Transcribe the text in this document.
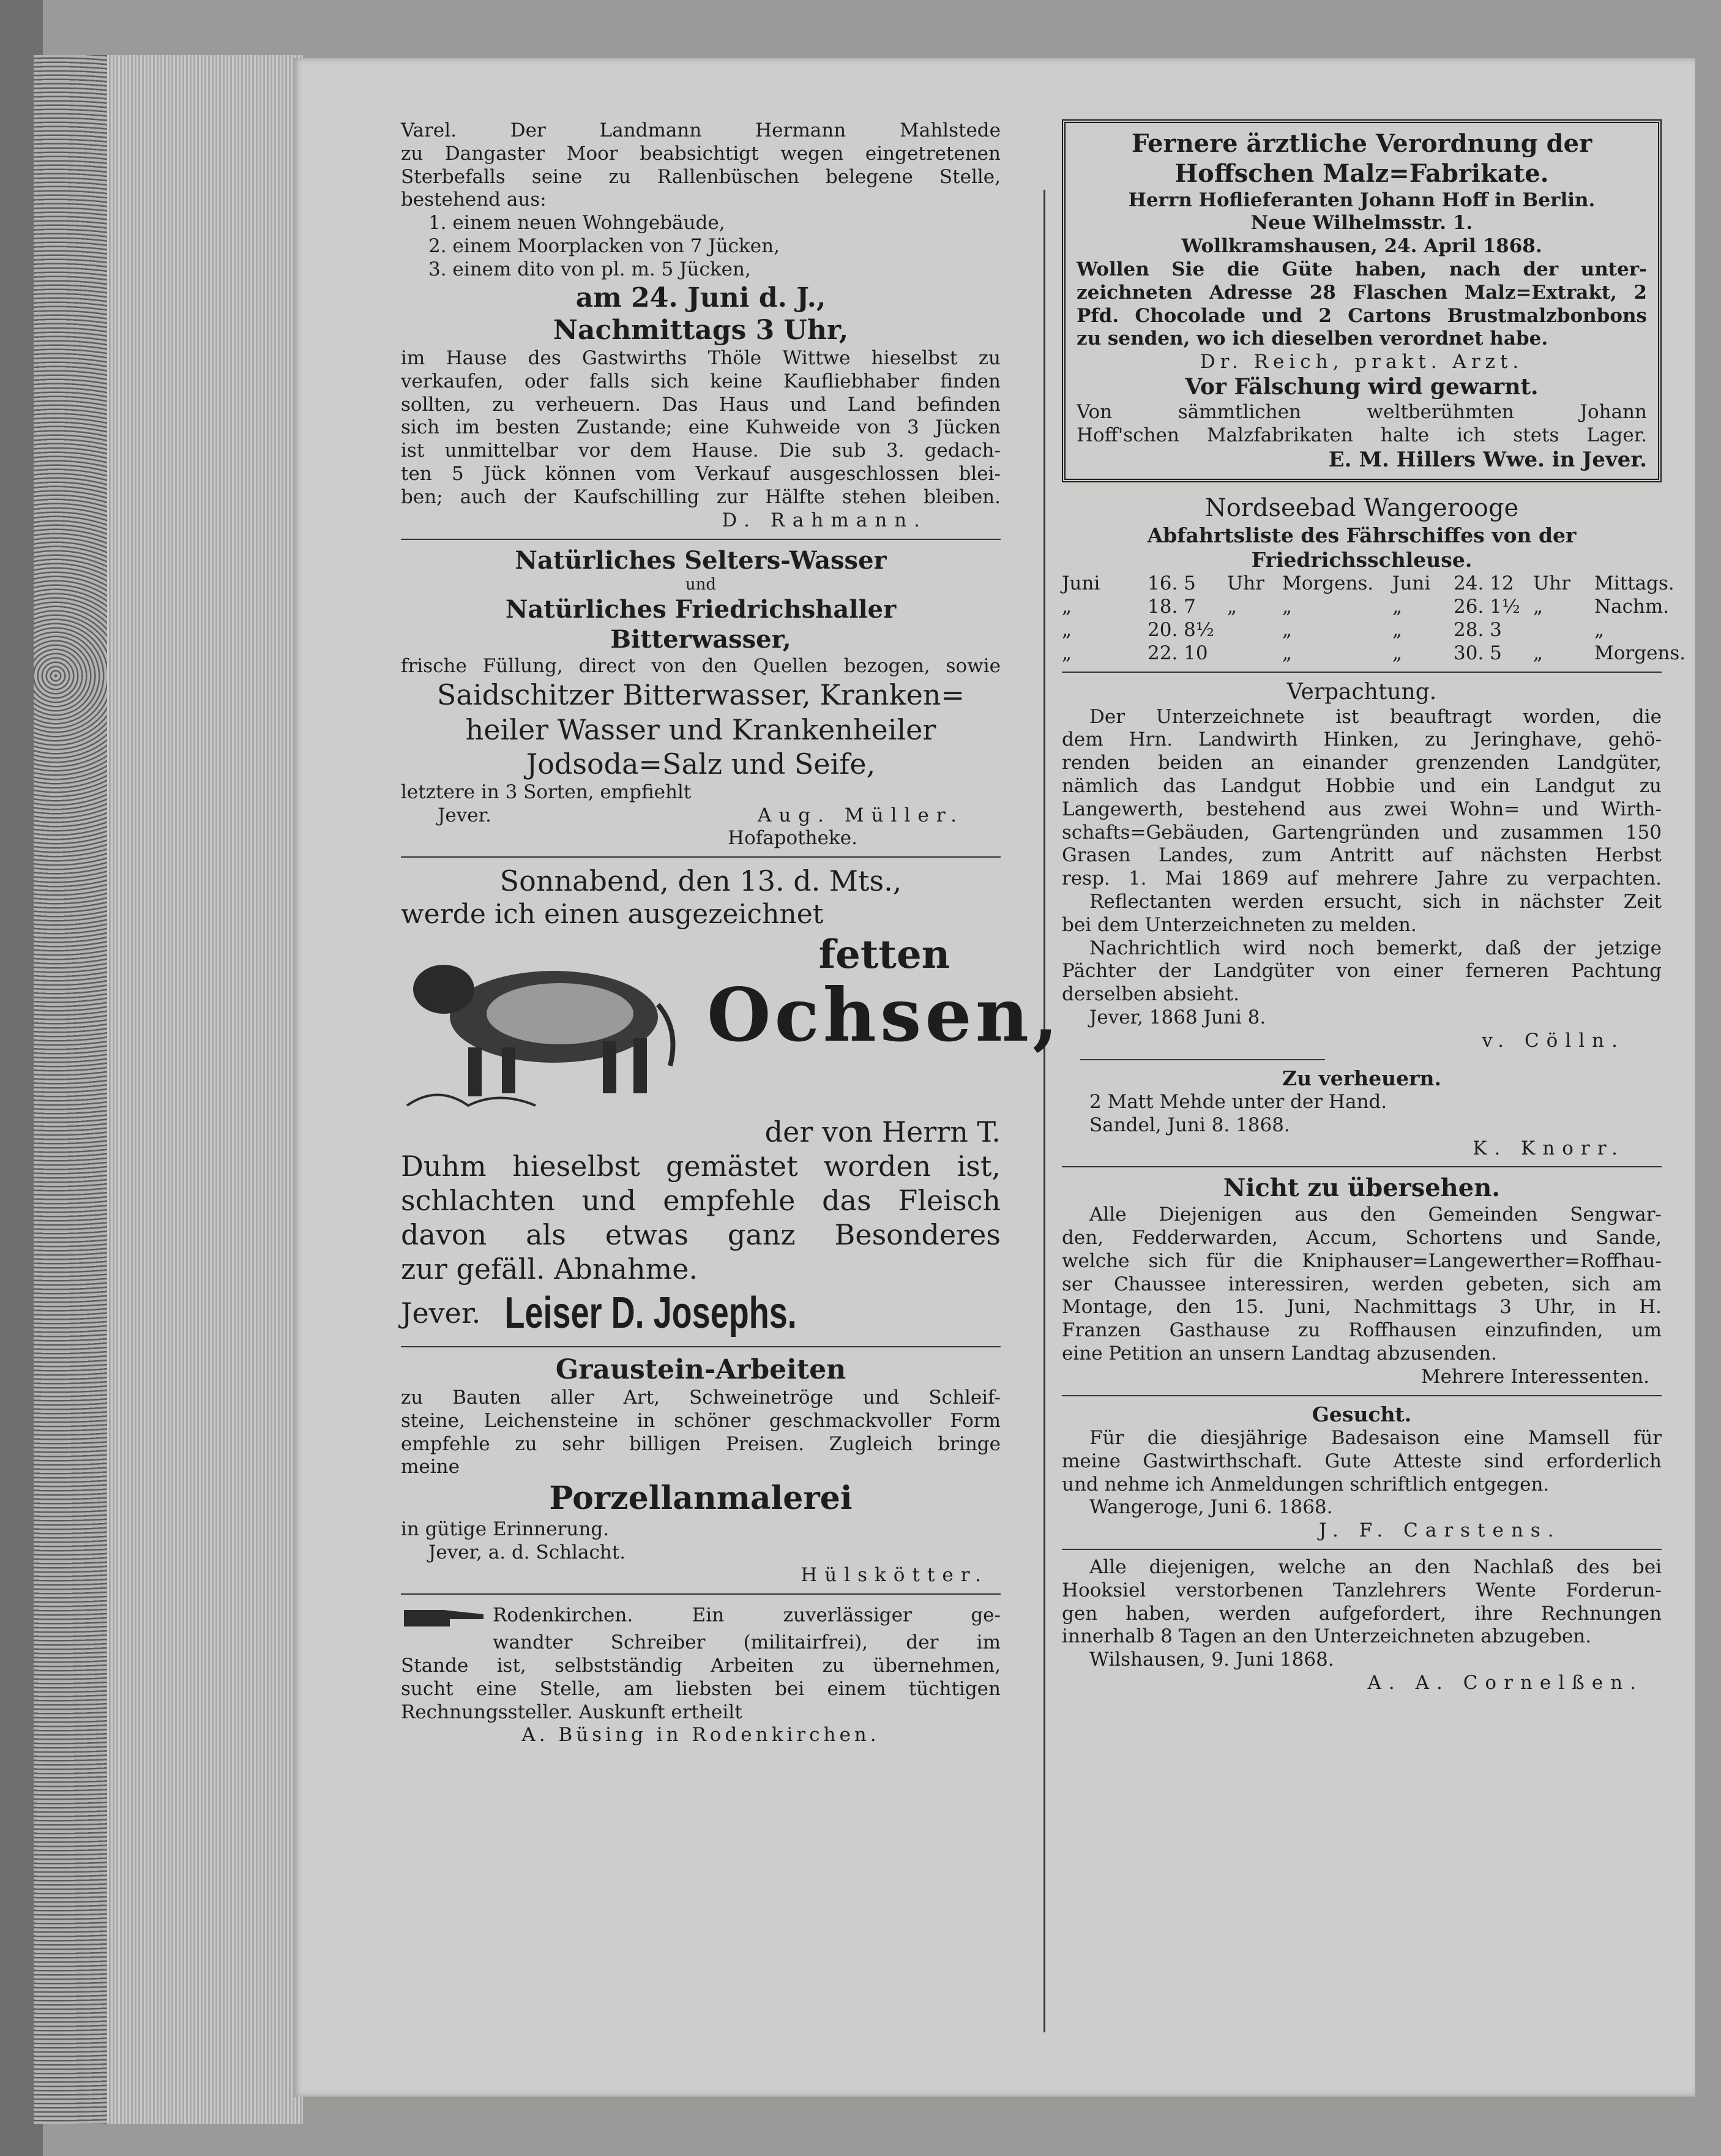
Varel. Der Landmann Hermann Mahlstede

zu Dangaster Moor beabsichtigt wegen eingetretenen

Sterbefalls seine zu Rallenbüschen belegene Stelle,

bestehend aus:

1. einem neuen Wohngebäude,

2. einem Moorplacken von 7 Jücken,

3. einem dito von pl. m. 5 Jücken,

am 24. Juni d. J.,

Nachmittags 3 Uhr,

im Hause des Gastwirths Thöle Wittwe hieselbst zu

verkaufen, oder falls sich keine Kaufliebhaber finden

sollten, zu verheuern. Das Haus und Land befinden

sich im besten Zustande; eine Kuhweide von 3 Jücken

ist unmittelbar vor dem Hause. Die sub 3. gedach-

ten 5 Jück können vom Verkauf ausgeschlossen blei-

ben; auch der Kaufschilling zur Hälfte stehen bleiben.

D. Rahmann.

Natürliches Selters-Wasser

und

Natürliches Friedrichshaller

Bitterwasser,

frische Füllung, direct von den Quellen bezogen, sowie

Saidschitzer Bitterwasser, Kranken=

heiler Wasser und Krankenheiler

Jodsoda=Salz und Seife,

letztere in 3 Sorten, empfiehlt

Jever.	Aug. Müller.

Hofapotheke.

Sonnabend, den 13. d. Mts.,

werde ich einen ausgezeichnet

fetten

Ochsen,

der von Herrn T.

Duhm hieselbst gemästet worden ist,

schlachten und empfehle das Fleisch

davon als etwas ganz Besonderes

zur gefäll. Abnahme.

Jever. Leiser D. Josephs.

Graustein-Arbeiten

zu Bauten aller Art, Schweinetröge und Schleif-

steine, Leichensteine in schöner geschmackvoller Form

empfehle zu sehr billigen Preisen. Zugleich bringe

meine

Porzellanmalerei

in gütige Erinnerung.

Jever, a. d. Schlacht.

Hülskötter.

Rodenkirchen. Ein zuverlässiger ge-

wandter Schreiber (militairfrei), der im

Stande ist, selbstständig Arbeiten zu übernehmen,

sucht eine Stelle, am liebsten bei einem tüchtigen

Rechnungssteller. Auskunft ertheilt

A. Büsing in Rodenkirchen.

Fernere ärztliche Verordnung der

Hoffschen Malz=Fabrikate.

Herrn Hoflieferanten Johann Hoff in Berlin.

Neue Wilhelmsstr. 1.

Wollkramshausen, 24. April 1868.

Wollen Sie die Güte haben, nach der unter-

zeichneten Adresse 28 Flaschen Malz=Extrakt, 2

Pfd. Chocolade und 2 Cartons Brustmalzbonbons

zu senden, wo ich dieselben verordnet habe.

Dr. Reich, prakt. Arzt.

Vor Fälschung wird gewarnt.

Von sämmtlichen weltberühmten Johann

Hoff'schen Malzfabrikaten halte ich stets Lager.

E. M. Hillers Wwe. in Jever.

Nordseebad Wangerooge

Abfahrtsliste des Fährschiffes von der

Friedrichsschleuse.

Juni	16. 5	Uhr Morgens. Juni	24. 12	Uhr	Mittags.
„	18. 7	„	„	„	26. 1½ „	Nachm.
„	20. 8½	„	„	28. 3	„
„	22. 10	„	„	30. 5	„	Morgens.

Verpachtung.

Der Unterzeichnete ist beauftragt worden, die

dem Hrn. Landwirth Hinken, zu Jeringhave, gehö-

renden beiden an einander grenzenden Landgüter,

nämlich das Landgut Hobbie und ein Landgut zu

Langewerth, bestehend aus zwei Wohn= und Wirth-

schafts=Gebäuden, Gartengründen und zusammen 150

Grasen Landes, zum Antritt auf nächsten Herbst

resp. 1. Mai 1869 auf mehrere Jahre zu verpachten.

Reflectanten werden ersucht, sich in nächster Zeit

bei dem Unterzeichneten zu melden.

Nachrichtlich wird noch bemerkt, daß der jetzige

Pächter der Landgüter von einer ferneren Pachtung

derselben absieht.

Jever, 1868 Juni 8.

v. Cölln.

Zu verheuern.

2 Matt Mehde unter der Hand.

Sandel, Juni 8. 1868.

K. Knorr.

Nicht zu übersehen.

Alle Diejenigen aus den Gemeinden Sengwar-

den, Fedderwarden, Accum, Schortens und Sande,

welche sich für die Kniphauser=Langewerther=Roffhau-

ser Chaussee interessiren, werden gebeten, sich am

Montage, den 15. Juni, Nachmittags 3 Uhr, in H.

Franzen Gasthause zu Roffhausen einzufinden, um

eine Petition an unsern Landtag abzusenden.

Mehrere Interessenten.

Gesucht.

Für die diesjährige Badesaison eine Mamsell für

meine Gastwirthschaft. Gute Atteste sind erforderlich

und nehme ich Anmeldungen schriftlich entgegen.

Wangeroge, Juni 6. 1868.

J. F. Carstens.

Alle diejenigen, welche an den Nachlaß des bei

Hooksiel verstorbenen Tanzlehrers Wente Forderun-

gen haben, werden aufgefordert, ihre Rechnungen

innerhalb 8 Tagen an den Unterzeichneten abzugeben.

Wilshausen, 9. Juni 1868.

A. A. Cornelßen.
